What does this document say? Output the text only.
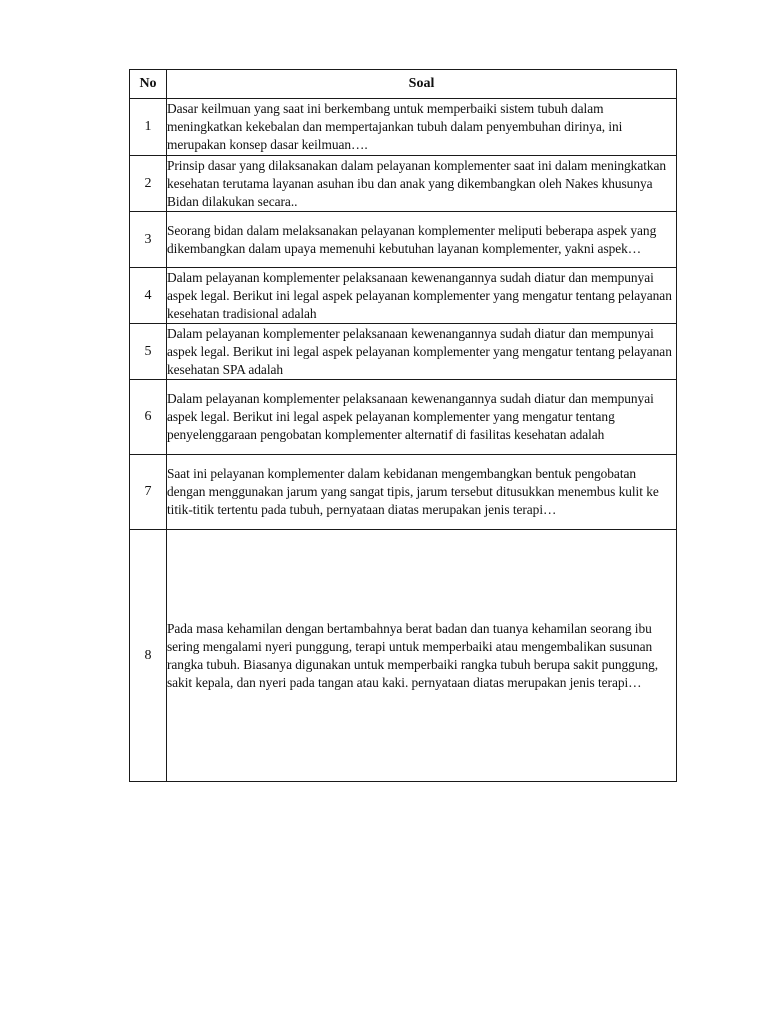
No	Soal
1	Dasar keilmuan yang saat ini berkembang untuk memperbaiki sistem tubuh dalam meningkatkan kekebalan dan mempertajankan tubuh dalam penyembuhan dirinya, ini merupakan konsep dasar keilmuan….
2	Prinsip dasar yang dilaksanakan dalam pelayanan komplementer saat ini dalam meningkatkan kesehatan terutama layanan asuhan ibu dan anak yang dikembangkan oleh Nakes khusunya Bidan dilakukan secara..
3	Seorang bidan dalam melaksanakan pelayanan komplementer meliputi beberapa aspek yang dikembangkan dalam upaya memenuhi kebutuhan layanan komplementer, yakni aspek…
4	Dalam pelayanan komplementer pelaksanaan kewenangannya sudah diatur dan mempunyai aspek legal. Berikut ini legal aspek pelayanan komplementer yang mengatur tentang pelayanan kesehatan tradisional adalah
5	Dalam pelayanan komplementer pelaksanaan kewenangannya sudah diatur dan mempunyai aspek legal. Berikut ini legal aspek pelayanan komplementer yang mengatur tentang pelayanan kesehatan SPA adalah
6	Dalam pelayanan komplementer pelaksanaan kewenangannya sudah diatur dan mempunyai aspek legal. Berikut ini legal aspek pelayanan komplementer yang mengatur tentang penyelenggaraan pengobatan komplementer alternatif di fasilitas kesehatan adalah
7	Saat ini pelayanan komplementer dalam kebidanan mengembangkan bentuk pengobatan dengan menggunakan jarum yang sangat tipis, jarum tersebut ditusukkan menembus kulit ke titik-titik tertentu pada tubuh, pernyataan diatas merupakan jenis terapi…
8	Pada masa kehamilan dengan bertambahnya berat badan dan tuanya kehamilan seorang ibu sering mengalami nyeri punggung, terapi untuk memperbaiki atau mengembalikan susunan rangka tubuh. Biasanya digunakan untuk memperbaiki rangka tubuh berupa sakit punggung, sakit kepala, dan nyeri pada tangan atau kaki. pernyataan diatas merupakan jenis terapi…
